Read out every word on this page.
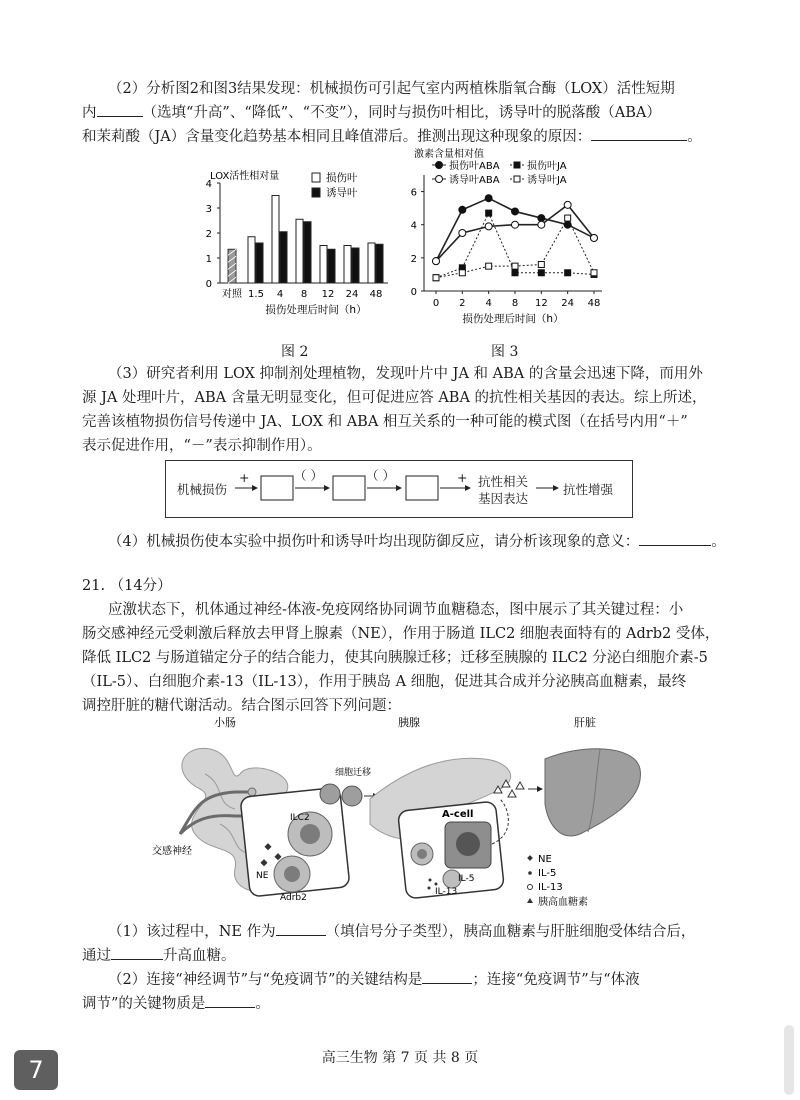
（2）分析图2和图3结果发现：机械损伤可引起气室内两植株脂氧合酶（LOX）活性短期
内	（选填“升高”、“降低”、“不变”），同时与损伤叶相比，诱导叶的脱落酸（ABA）
和茉莉酸（JA）含量变化趋势基本相同且峰值滞后。推测出现这种现象的原因：	。
0
1
2
3
4
LOX活性相对量
对照 1.5 4 8 12 24 48
损伤处理后时间（h）
损伤叶
诱导叶
图 2
0
2
4
6
激素含量相对值
0 2 4 8 12 24 48
损伤处理后时间（h）
损伤叶ABA
诱导叶ABA
损伤叶JA
诱导叶JA
图 3
（3）研究者利用 LOX 抑制剂处理植物，发现叶片中 JA 和 ABA 的含量会迅速下降，而用外
源 JA 处理叶片，ABA 含量无明显变化，但可促进应答 ABA 的抗性相关基因的表达。综上所述，
完善该植物损伤信号传递中 JA、LOX 和 ABA 相互关系的一种可能的模式图（在括号内用“＋”
表示促进作用，“－”表示抑制作用）。
机械损伤
+	（ ）	（ ）	+ 抗性相关
基因表达
抗性增强
（4）机械损伤使本实验中损伤叶和诱导叶均出现防御反应，请分析该现象的意义：	。
21. （14分）
应激状态下，机体通过神经-体液-免疫网络协同调节血糖稳态，图中展示了其关键过程：小
肠交感神经元受刺激后释放去甲肾上腺素（NE），作用于肠道 ILC2 细胞表面特有的 Adrb2 受体，
降低 ILC2 与肠道锚定分子的结合能力，使其向胰腺迁移；迁移至胰腺的 ILC2 分泌白细胞介素-5
（IL-5）、白细胞介素-13（IL-13），作用于胰岛 A 细胞，促进其合成并分泌胰高血糖素，最终
调控肝脏的糖代谢活动。结合图示回答下列问题：
小肠	胰腺	肝脏
交感神经
ILC2
NE
Adrb2
细胞迁移
A-cell
IL-5
IL-13
NE
IL-5
IL-13
胰高血糖素
（1）该过程中，NE 作为	（填信号分子类型），胰高血糖素与肝脏细胞受体结合后，
通过	升高血糖。
（2）连接“神经调节”与“免疫调节”的关键结构是	；连接“免疫调节”与“体液
调节”的关键物质是	。
高三生物 第 7 页 共 8 页
7
